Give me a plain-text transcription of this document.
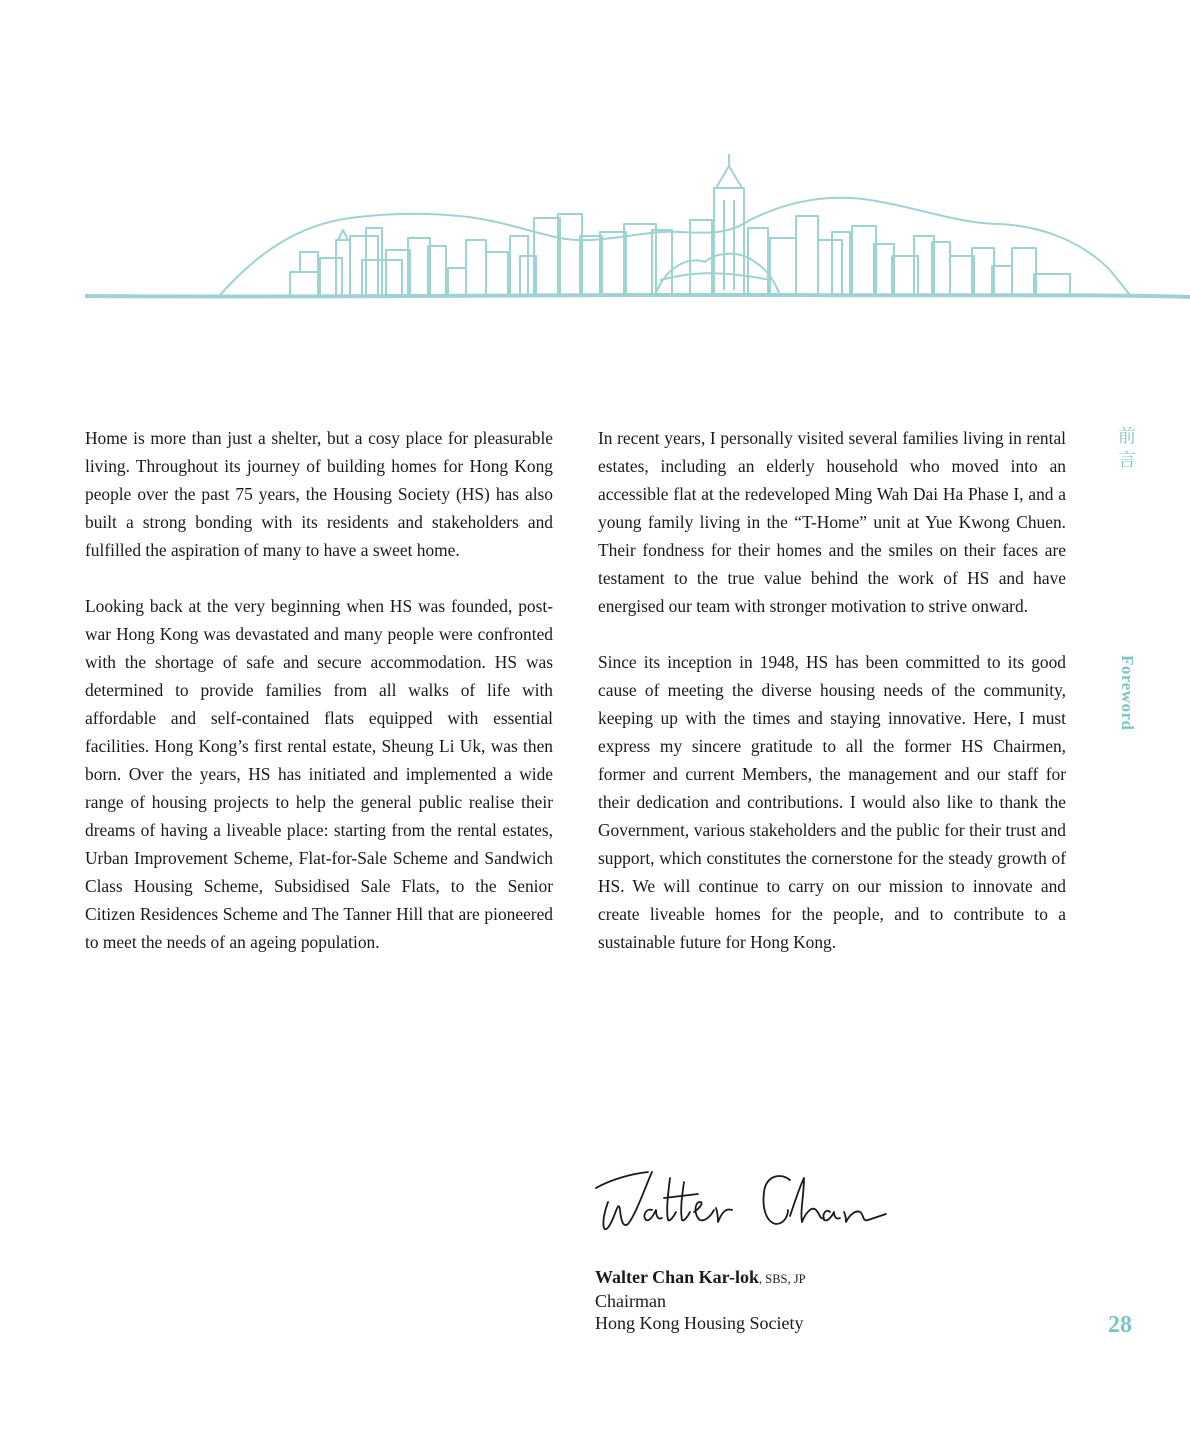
Home is more than just a shelter, but a cosy place for pleasurable living. Throughout its journey of building homes for Hong Kong people over the past 75 years, the Housing Society (HS) has also built a strong bonding with its residents and stakeholders and fulfilled the aspiration of many to have a sweet home.

Looking back at the very beginning when HS was founded, post-war Hong Kong was devastated and many people were confronted with the shortage of safe and secure accommodation. HS was determined to provide families from all walks of life with affordable and self-contained flats equipped with essential facilities. Hong Kong’s first rental estate, Sheung Li Uk, was then born. Over the years, HS has initiated and implemented a wide range of housing projects to help the general public realise their dreams of having a liveable place: starting from the rental estates, Urban Improvement Scheme, Flat-for-Sale Scheme and Sandwich Class Housing Scheme, Subsidised Sale Flats, to the Senior Citizen Residences Scheme and The Tanner Hill that are pioneered to meet the needs of an ageing population.

In recent years, I personally visited several families living in rental estates, including an elderly household who moved into an accessible flat at the redeveloped Ming Wah Dai Ha Phase I, and a young family living in the “T-Home” unit at Yue Kwong Chuen. Their fondness for their homes and the smiles on their faces are testament to the true value behind the work of HS and have energised our team with stronger motivation to strive onward.

Since its inception in 1948, HS has been committed to its good cause of meeting the diverse housing needs of the community, keeping up with the times and staying innovative. Here, I must express my sincere gratitude to all the former HS Chairmen, former and current Members, the management and our staff for their dedication and contributions. I would also like to thank the Government, various stakeholders and the public for their trust and support, which constitutes the cornerstone for the steady growth of HS. We will continue to carry on our mission to innovate and create liveable homes for the people, and to contribute to a sustainable future for Hong Kong.

前
言
Foreword
Walter Chan Kar-lok, SBS, JP
Chairman
Hong Kong Housing Society	28
